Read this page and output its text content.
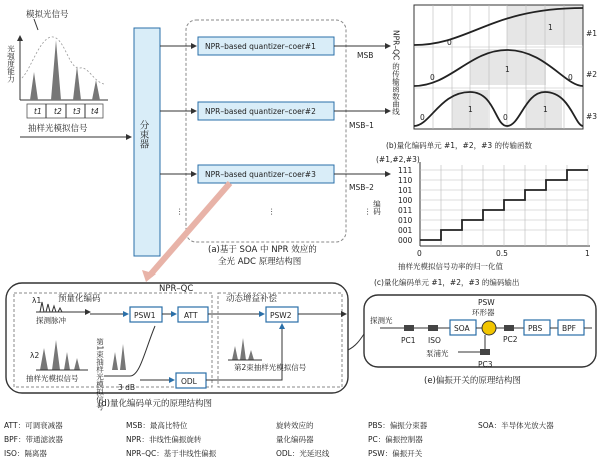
模拟光信号
光强度能力
t1 t2 t3 t4
抽样光模拟信号	分束器
NPR–based quantizer–coer#1
MSB
NPR–based quantizer–coer#2
MSB–1
NPR–based quantizer–coer#3
MSB–2
⋮	⋮	⋮
(a)基于 SOA 中 NPR 效应的
全光 ADC 原理结构图
NPR–QC 的传输函数曲线	0
1
0
1
0
0
1
0
1
#1
#2
#3
(b)量化编码单元 #1，#2，#3 的传输函数
(#1,#2,#3)
编码
111
110
101
100
011
010
001
000
0	0.5	1
抽样光模拟信号功率的归一化值
(c)量化编码单元 #1，#2，#3 的编码输出
NPR–QC
预量化编码
λ1
探测脉冲
λ2
抽样光模拟信号 第1束抽样光模拟信号
PSW1	ATT
3 dB
ODL
动态增益补偿
PSW2
第2束抽样光模拟信号
(d)量化编码单元的原理结构图
PSW
环形器
探测光
PC1 ISO
SOA
PC2
PBS	BPF
泵浦光
PC3
(e)偏振开关的原理结构图
ATT：可调衰减器	MSB：最高比特位	旋转效应的	PBS：偏振分束器	SOA：半导体光放大器
BPF：带通滤波器	NPR：非线性偏振旋转	量化编码器	PC：偏振控制器
ISO：隔离器	NPR–QC：基于非线性偏振	ODL：光延迟线	PSW：偏振开关
